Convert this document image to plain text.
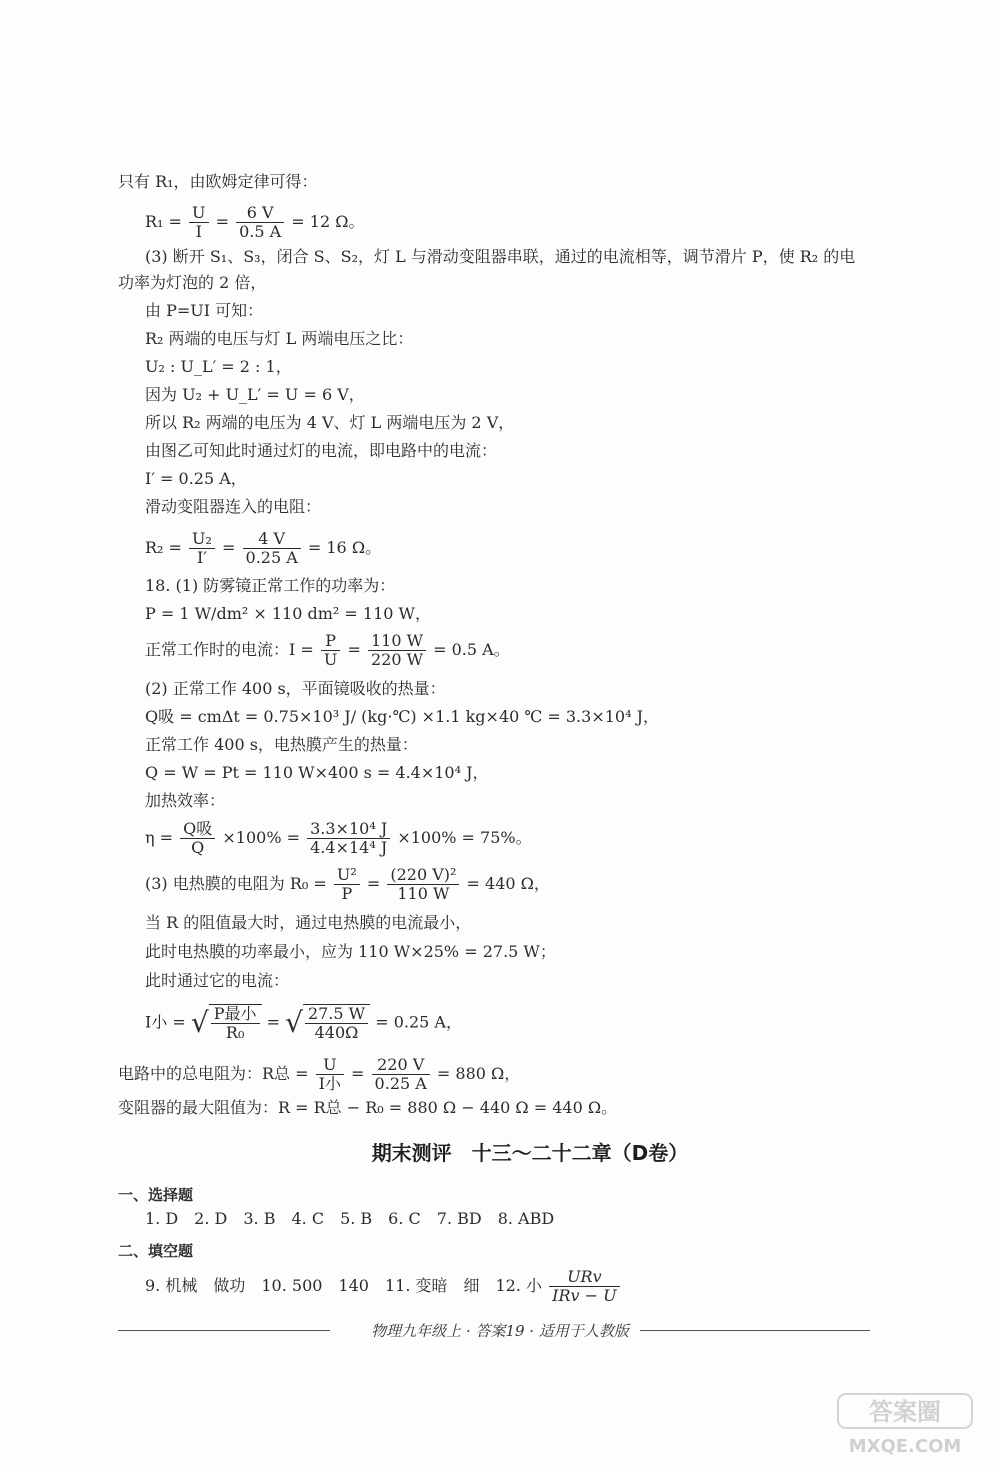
只有 R₁，由欧姆定律可得：
$R_1 = \frac{U}{I} = \frac{6 V}{0.5 A} = 12$ Ω。
(3) 断开 S₁、S₃，闭合 S、S₂，灯 L 与滑动变阻器串联，通过的电流相等，调节滑片 P，使 R₂ 的电
功率为灯泡的 2 倍，
由 P=UI 可知：
R₂ 两端的电压与灯 L 两端电压之比：
U₂ : U_L′ = 2 : 1，
因为 U₂ + U_L′ = U = 6 V，
所以 R₂ 两端的电压为 4 V、灯 L 两端电压为 2 V，
由图乙可知此时通过灯的电流，即电路中的电流：
I′ = 0.25 A，
滑动变阻器连入的电阻：
$R_2 = \frac{\text{U₂}}{I'} = \frac{4 V}{0.25 A} = 16$ Ω。
18. (1) 防雾镜正常工作的功率为：
P = 1 W/dm² × 110 dm² = 110 W，
正常工作时的电流：$I = \frac{P}{U} = \frac{110 W}{220 W} = 0.5$ A。
(2) 正常工作 400 s，平面镜吸收的热量：
Q吸 = cmΔt = 0.75×10³ J/ (kg·℃) ×1.1 kg×40 ℃ = 3.3×10⁴ J，
正常工作 400 s，电热膜产生的热量：
Q = W = Pt = 110 W×400 s = 4.4×10⁴ J，
加热效率：
$\eta = \frac{\text{Q吸}}{Q} \times 100\% = \frac{\text{3.3×10⁴ J}}{\text{4.4×14⁴ J}} \times 100\% = 75\%$。
(3) 电热膜的电阻为 $R_0 = \frac{\text{U²}}{P} = \frac{\text{(220 V)²}}{110 W} = 440$ Ω，
当 R 的阻值最大时，通过电热膜的电流最小，
此时电热膜的功率最小，应为 110 W×25% = 27.5 W；
此时通过它的电流：
I小 = √ $\frac{\text{P最小}}{\text{R₀}}$ = √ $\frac{27.5 W}{440\Omega} = 0.25$ A，
电路中的总电阻为：R总 = $\frac{U}{\text{I小}} = \frac{220 V}{0.25 A} = 880$ Ω，
变阻器的最大阻值为：R = R总 − R₀ = 880 Ω − 440 Ω = 440 Ω。
期末测评　十三～二十二章（D卷）
一、选择题
1. D　2. D　3. B　4. C　5. B　6. C　7. BD　8. ABD
二、填空题
9. 机械　做功　10. 500　140　11. 变暗　细　12. 小 $\frac{\text{URv}}{\text{IRv − U}}$
物理九年级上 · 答案19 · 适用于人教版
答案圈
MXQE.COM
